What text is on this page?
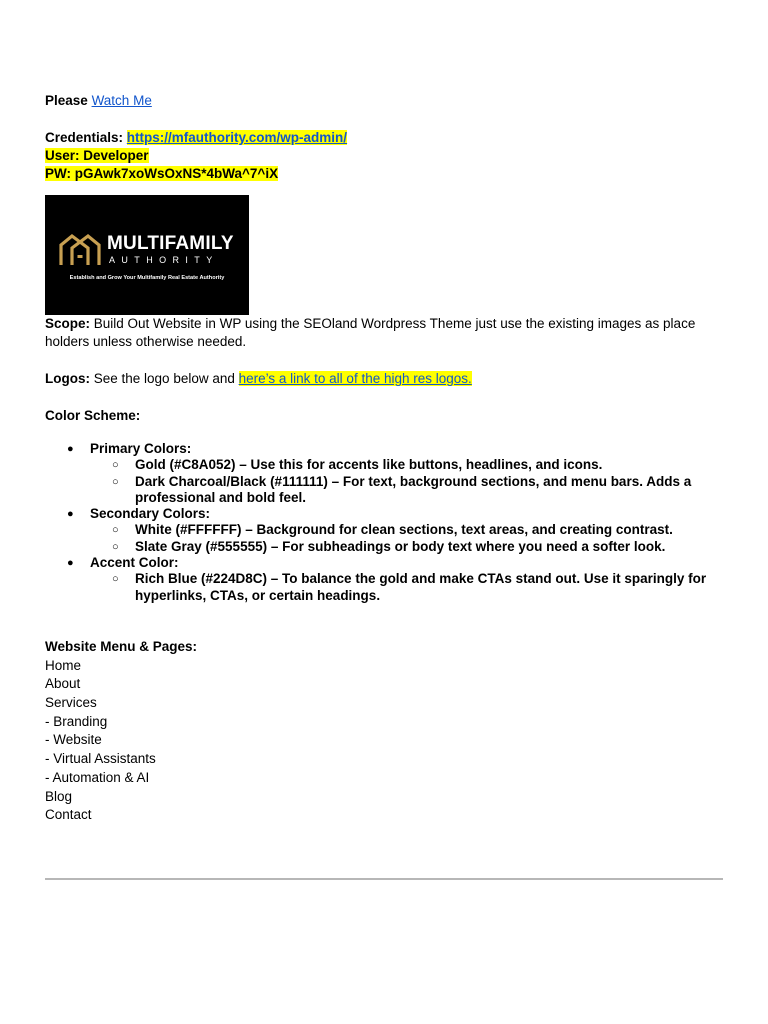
Please Watch Me

Credentials: https://mfauthority.com/wp-admin/

User: Developer

PW: pGAwk7xoWsOxNS*4bWa^7^iX

MULTIFAMILY
AUTHORITY
Establish and Grow Your Multifamily Real Estate Authority

Scope: Build Out Website in WP using the SEOland Wordpress Theme just use the existing images as place holders unless otherwise needed.

Logos: See the logo below and here’s a link to all of the high res logos.

Color Scheme:

● Primary Colors:
○ Gold (#C8A052) – Use this for accents like buttons, headlines, and icons.
○ Dark Charcoal/Black (#111111) – For text, background sections, and menu bars. Adds a professional and bold feel.
● Secondary Colors:
○ White (#FFFFFF) – Background for clean sections, text areas, and creating contrast.
○ Slate Gray (#555555) – For subheadings or body text where you need a softer look.
● Accent Color:
○ Rich Blue (#224D8C) – To balance the gold and make CTAs stand out. Use it sparingly for hyperlinks, CTAs, or certain headings.

Website Menu & Pages:

Home

About

Services

- Branding

- Website

- Virtual Assistants

- Automation & AI

Blog

Contact
